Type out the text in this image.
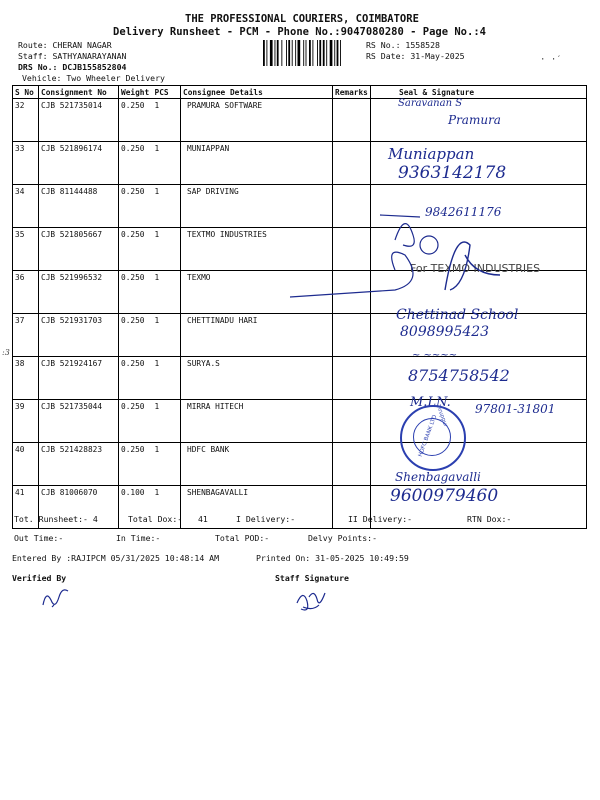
THE PROFESSIONAL COURIERS, COIMBATORE
Delivery Runsheet - PCM - Phone No.:9047080280 - Page No.:4
Route: CHERAN NAGAR
Staff: SATHYANARAYANAN
DRS No.: DCJB155852804
Vehicle: Two Wheeler Delivery
RS No.: 1558528
RS Date: 31-May-2025	· ·′
S No	Consignment No	Weight	PCS	Consignee Details	Remarks	Seal & Signature
32	CJB 521735014	0.250	1	PRAMURA SOFTWARE		
33	CJB 521896174	0.250	1	MUNIAPPAN		
34	CJB 81144488	0.250	1	SAP DRIVING		
35	CJB 521805667	0.250	1	TEXTMO INDUSTRIES		
36	CJB 521996532	0.250	1	TEXMO		
37	CJB 521931703	0.250	1	CHETTINADU HARI		
38	CJB 521924167	0.250	1	SURYA.S		
39	CJB 521735044	0.250	1	MIRRA HITECH		
40	CJB 521428823	0.250	1	HDFC BANK		
41	CJB 81006070	0.100	1	SHENBAGAVALLI		
Saravanan S
Pramura
Muniappan
9363142178
9842611176
For TEXMO INDUSTRIES
Chettinad School
8098995423
~ ~~~~
8754758542
97801-31801
M.LN.
HDFC BANK LTD
Tiruppur
Shenbagavalli
9600979460
:3
Tot. Runsheet:- 4	Total Dox:- 41	I Delivery:-	II Delivery:-	RTN Dox:-
Out Time:-	In Time:-	Total POD:-	Delvy Points:-
Entered By :RAJIPCM 05/31/2025 10:48:14 AM	Printed On: 31-05-2025 10:49:59
Verified By	Staff Signature
